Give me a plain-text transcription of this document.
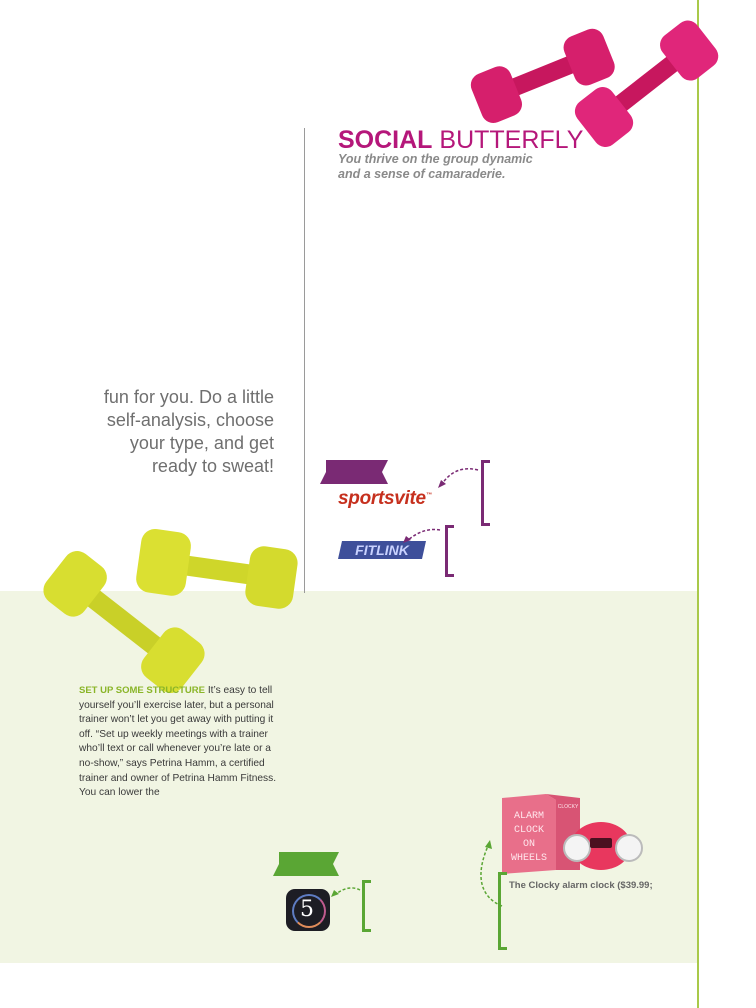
SOCIAL BUTTERFLY
You thrive on the group dynamic and a sense of camaraderie.
fun for you. Do a little
self-analysis, choose
your type, and get
ready to sweat!
sportsvite™
FITLINK
SET UP SOME STRUCTURE It’s easy to tell yourself you’ll exercise later, but a personal trainer won’t let you get away with putting it off. “Set up weekly meetings with a trainer who’ll text or call whenever you’re late or a no-show,” says Petrina Hamm, a certified trainer and owner of Petrina Hamm Fitness. You can lower the
5
ALARM
CLOCK
ON
WHEELS
CLOCKY
The Clocky alarm clock ($39.99;
